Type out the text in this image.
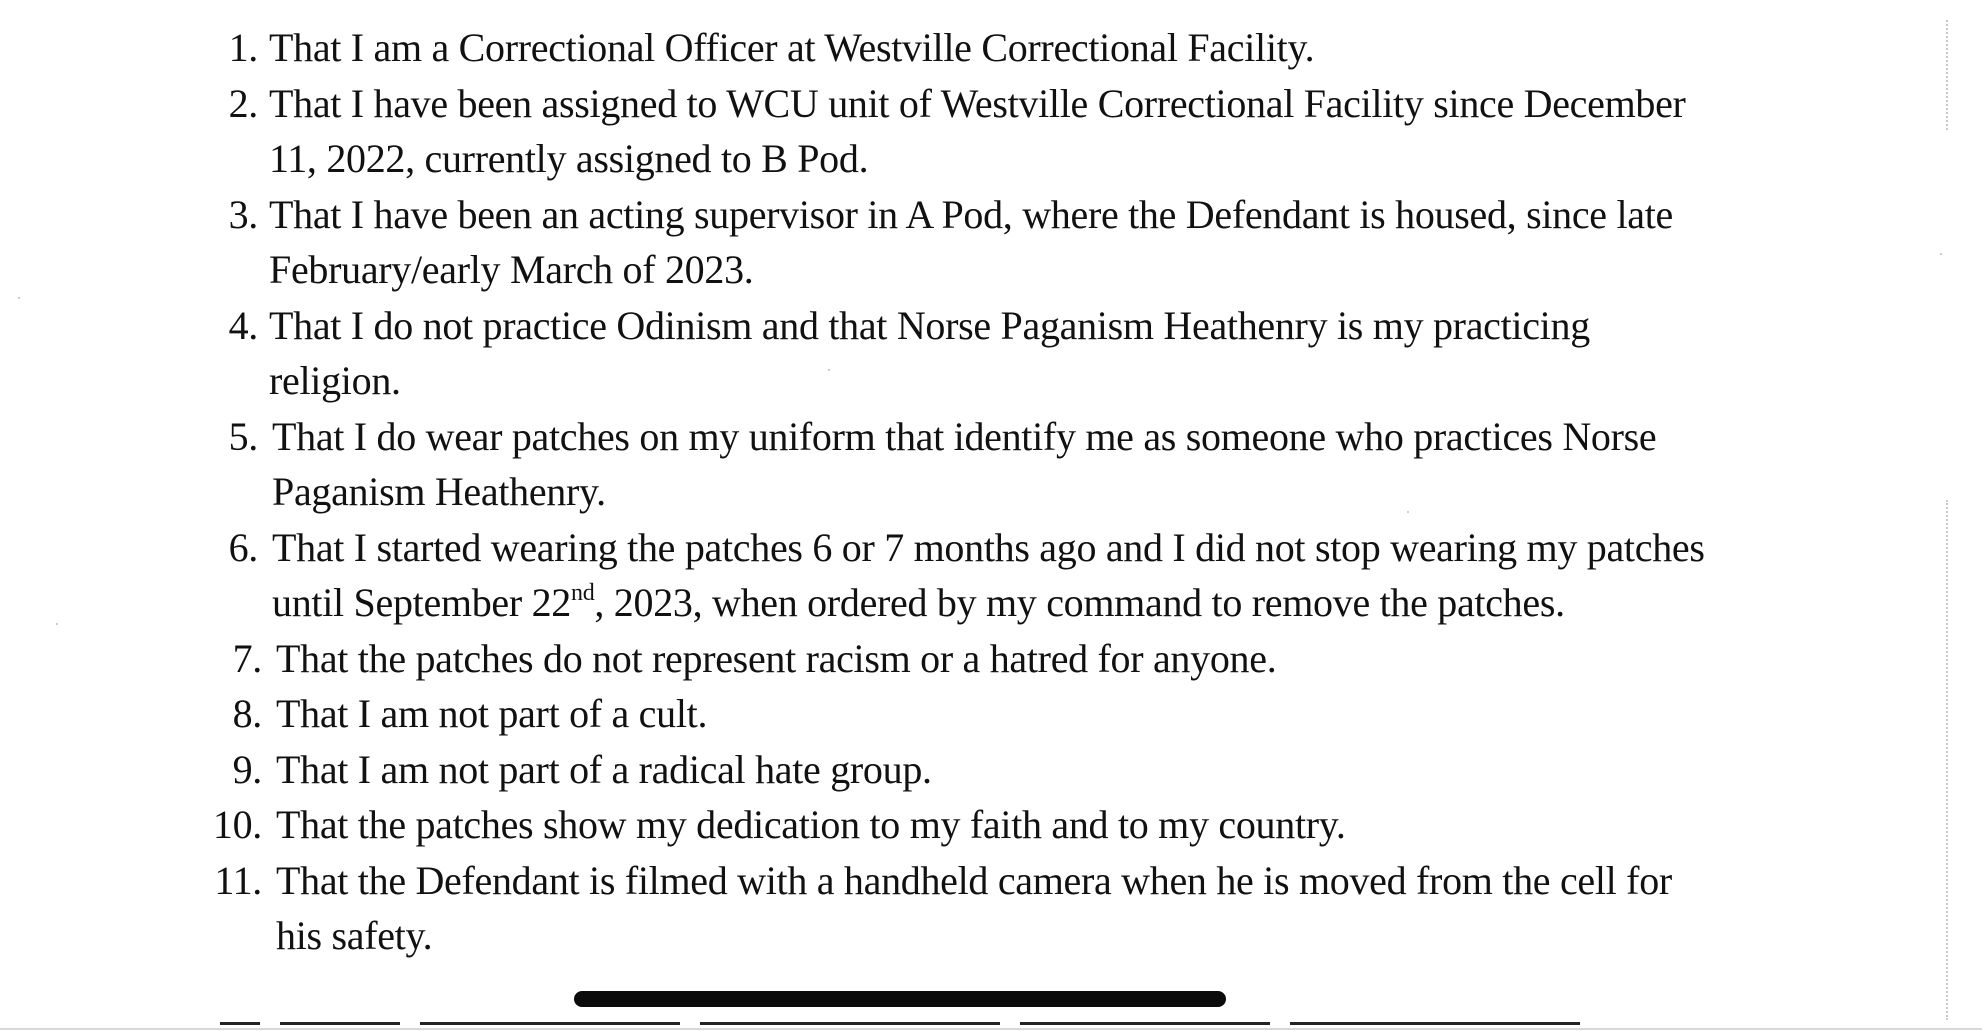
1. That I am a Correctional Officer at Westville Correctional Facility.
2. That I have been assigned to WCU unit of Westville Correctional Facility since December 11, 2022, currently assigned to B Pod.
3. That I have been an acting supervisor in A Pod, where the Defendant is housed, since late February/early March of 2023.
4. That I do not practice Odinism and that Norse Paganism Heathenry is my practicing religion.
5. That I do wear patches on my uniform that identify me as someone who practices Norse Paganism Heathenry.
6. That I started wearing the patches 6 or 7 months ago and I did not stop wearing my patches until September 22nd, 2023, when ordered by my command to remove the patches.
7. That the patches do not represent racism or a hatred for anyone.
8. That I am not part of a cult.
9. That I am not part of a radical hate group.
10. That the patches show my dedication to my faith and to my country.
11. That the Defendant is filmed with a handheld camera when he is moved from the cell for his safety.
